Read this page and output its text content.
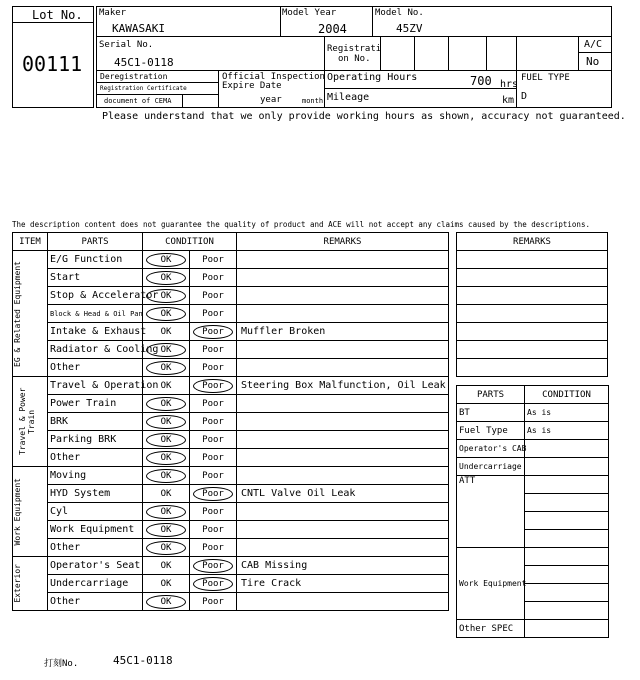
Lot No.
00111
Maker
KAWASAKI
Model Year
2004
Model No.
45ZV
Serial No.
45C1-0118
Registrati
on No.
A/C
No
Deregistration
Registration Certificate
document of CEMA
Official Inspection
Expire Date
year	month
Operating Hours	700 hrs
Mileage	km
FUEL TYPE
D
Please understand that we only provide working hours as shown, accuracy not guaranteed.
The description content does not guarantee the quality of product and ACE will not accept any claims caused by the descriptions.
ITEM	PARTS	CONDITION		REMARKS

EG & Related Equipment	E/G Function	OK	Poor	
	Start	OK	Poor	
	Stop & Accelerator	OK	Poor	
	Block & Head & Oil Pan	OK	Poor	
	Intake & Exhaust	OK	Poor	Muffler Broken
	Radiator & Cooling	OK	Poor	
	Other	OK	Poor	

Travel & Power Train	Travel & Operation	OK	Poor	Steering Box Malfunction, Oil Leak
	Power Train	OK	Poor	
	BRK	OK	Poor	
	Parking BRK	OK	Poor	
	Other	OK	Poor	

Work Equipment	Moving	OK	Poor	
	HYD System	OK	Poor	CNTL Valve Oil Leak
	Cyl	OK	Poor	
	Work Equipment	OK	Poor	
	Other	OK	Poor	

Exterior	Operator's Seat	OK	Poor	CAB Missing
	Undercarriage	OK	Poor	Tire Crack
	Other	OK	Poor	
REMARKS

PARTS	CONDITION
BT	As is
Fuel Type	As is
Operator's CAB	
Undercarriage	
ATT	

Work Equipment	

Other SPEC	
打刻No.	45C1-0118
